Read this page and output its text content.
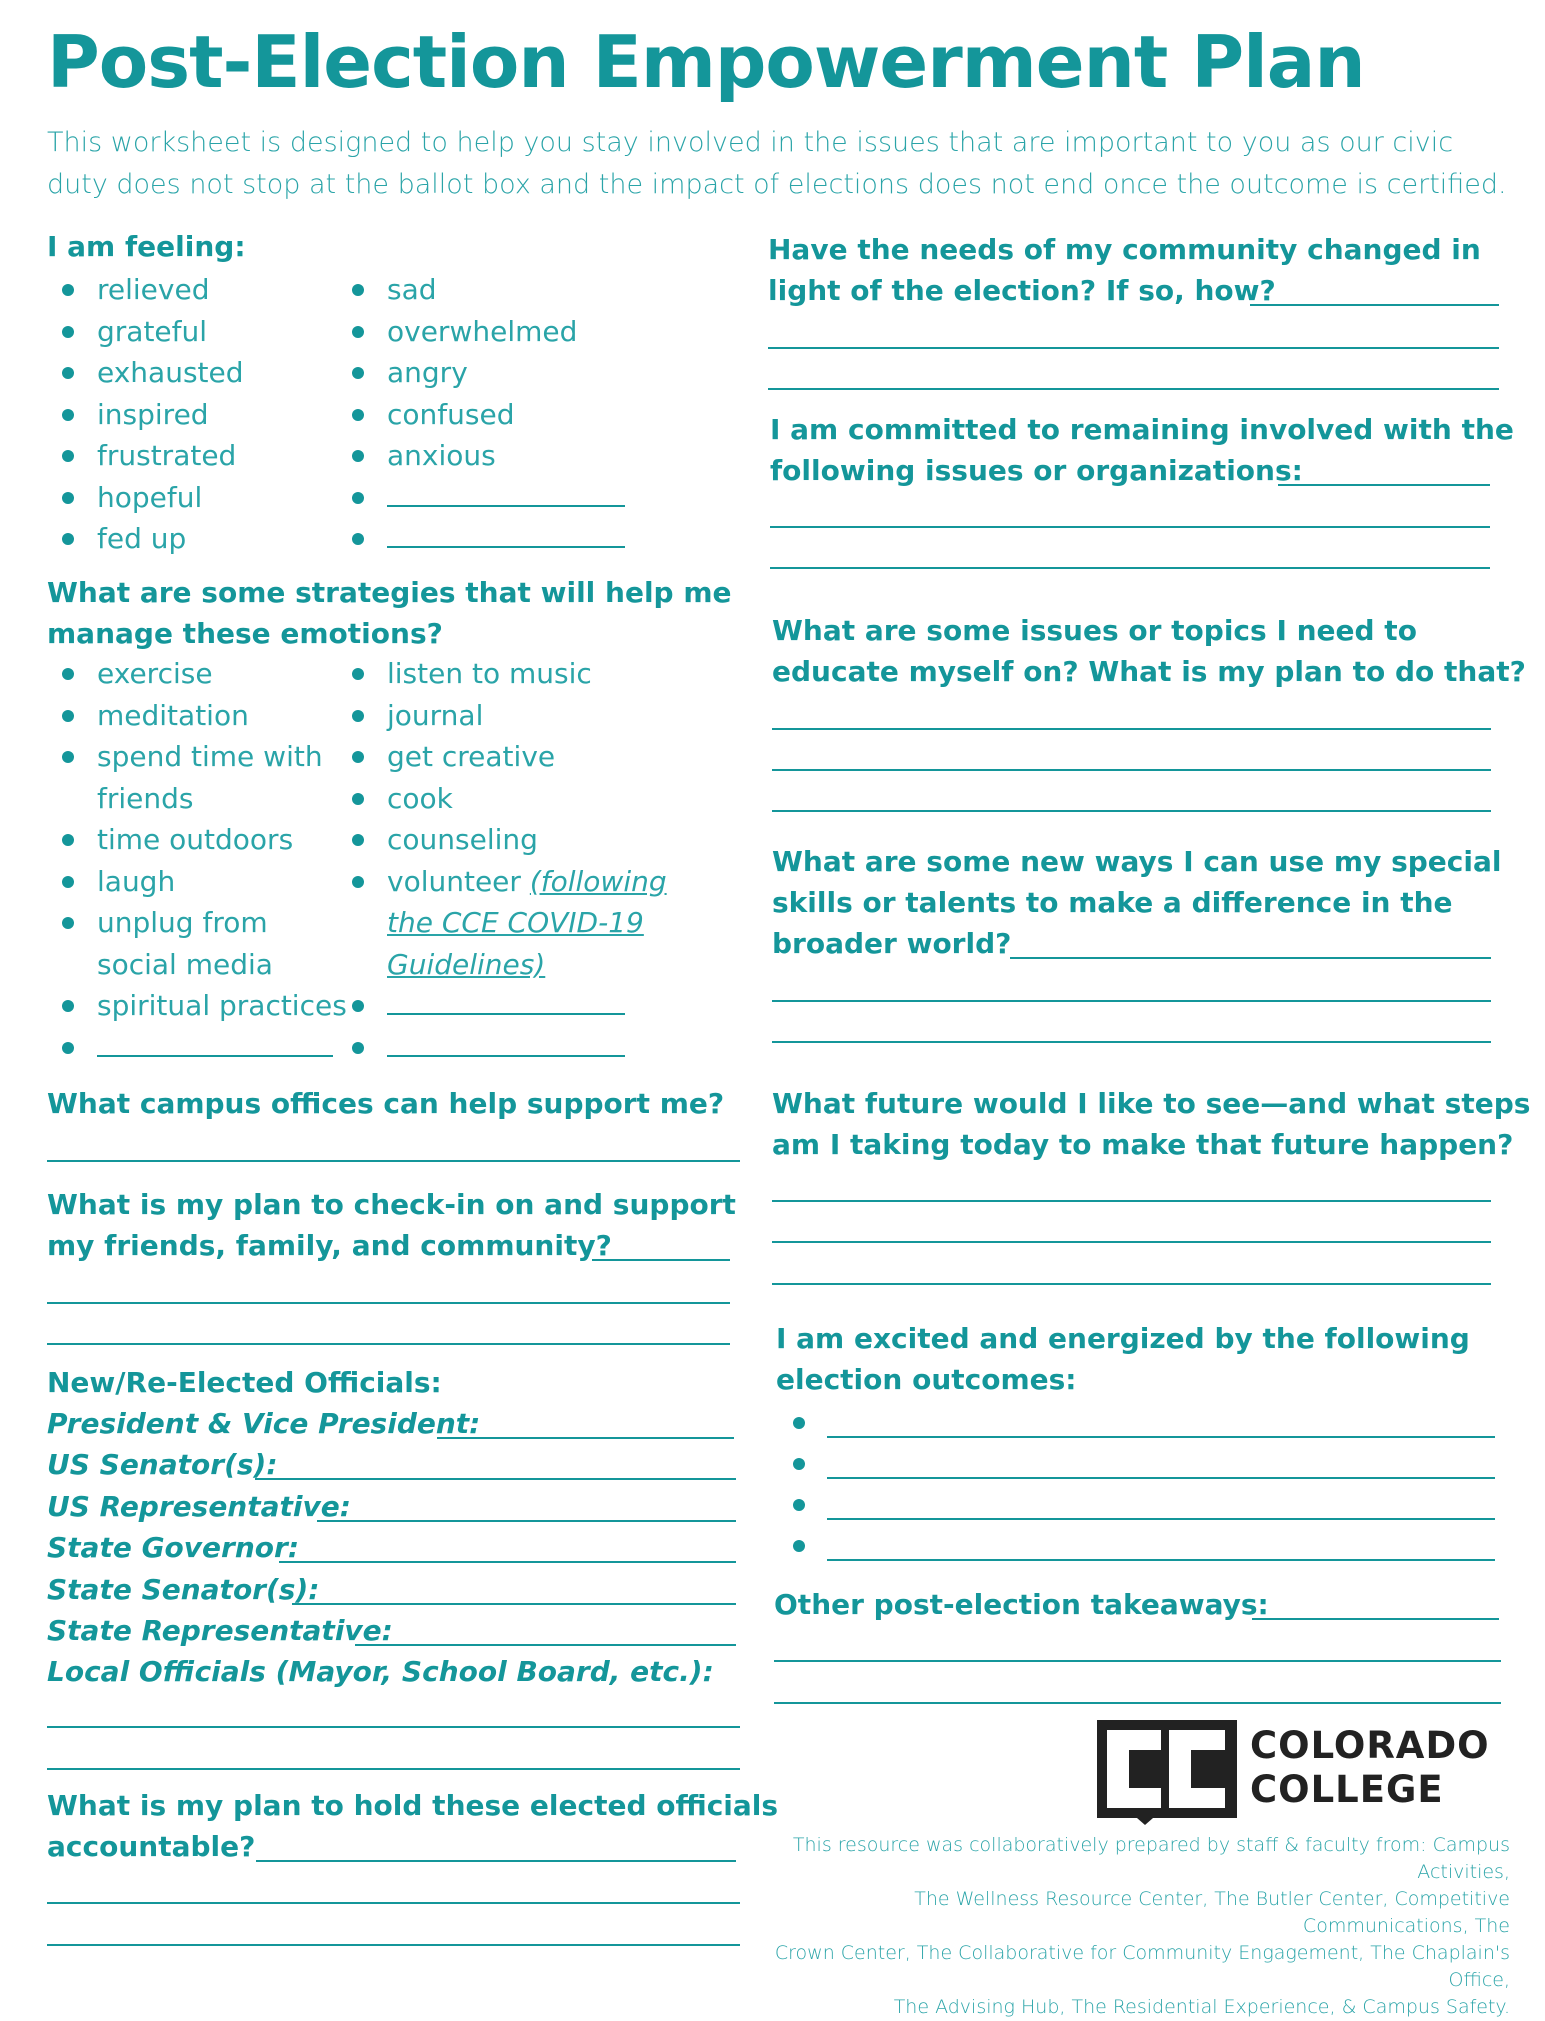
Post-Election Empowerment Plan
This worksheet is designed to help you stay involved in the issues that are important to you as our civic duty does not stop at the ballot box and the impact of elections does not end once the outcome is certified.
I am feeling:
relieved
grateful
exhausted
inspired
frustrated
hopeful
fed up
sad
overwhelmed
angry
confused
anxious
What are some strategies that will help me
manage these emotions?
exercise
meditation
spend time with
friends
time outdoors
laugh
unplug from
social media
spiritual practices
listen to music
journal
get creative
cook
counseling
volunteer (following
the CCE COVID-19
Guidelines)
What campus offices can help support me?
What is my plan to check-in on and support
my friends, family, and community?
New/Re-Elected Officials:
President & Vice President:
US Senator(s):
US Representative:
State Governor:
State Senator(s):
State Representative:
Local Officials (Mayor, School Board, etc.):
What is my plan to hold these elected officials
accountable?
Have the needs of my community changed in
light of the election? If so, how?
I am committed to remaining involved with the
following issues or organizations:
What are some issues or topics I need to
educate myself on? What is my plan to do that?
What are some new ways I can use my special
skills or talents to make a difference in the
broader world?
What future would I like to see—and what steps
am I taking today to make that future happen?
I am excited and energized by the following
election outcomes:
Other post-election takeaways:
COLORADO
COLLEGE
This resource was collaboratively prepared by staff & faculty from: Campus Activities,
The Wellness Resource Center, The Butler Center, Competitive Communications, The
Crown Center, The Collaborative for Community Engagement, The Chaplain's Office,
The Advising Hub, The Residential Experience, & Campus Safety.
